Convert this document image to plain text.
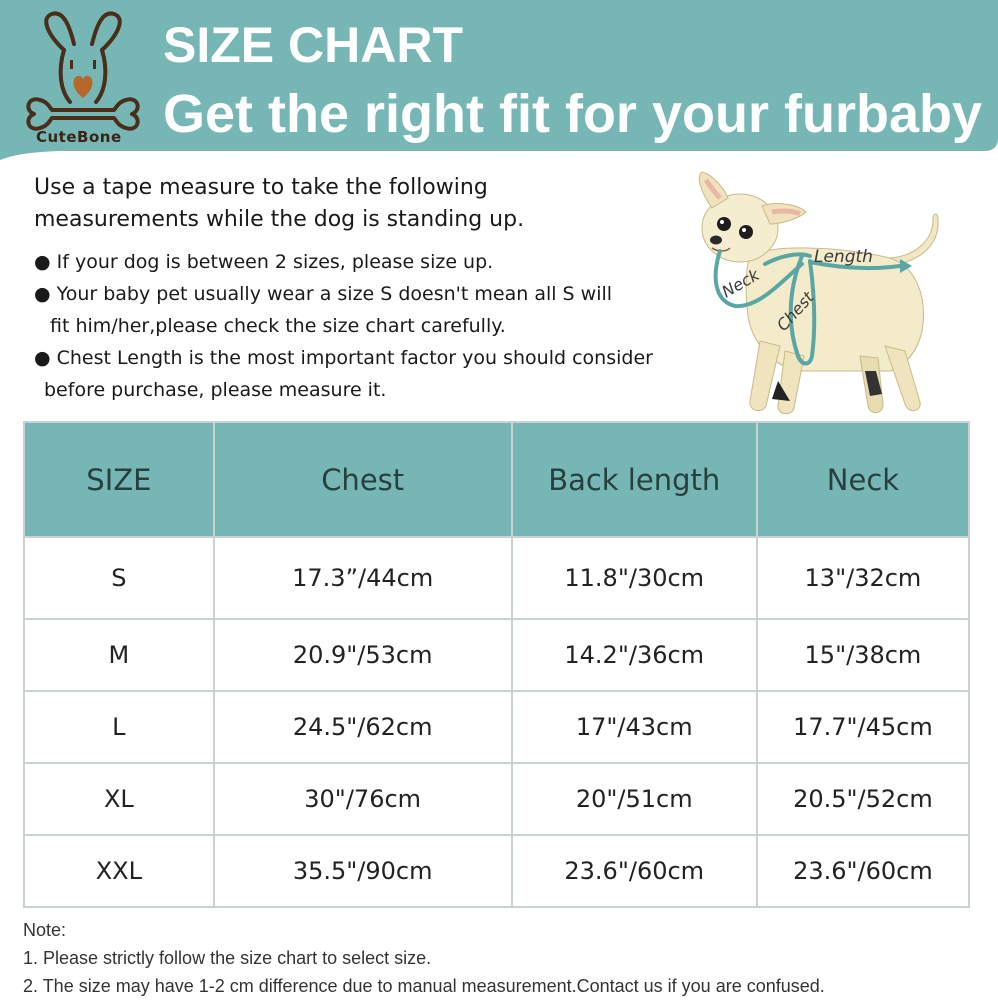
CuteBone
SIZE CHART
Get the right fit for your furbaby
Use a tape measure to take the following
measurements while the dog is standing up.
● If your dog is between 2 sizes, please size up.
● Your baby pet usually wear a size S doesn't mean all S will
fit him/her,please check the size chart carefully.
● Chest Length is the most important factor you should consider
before purchase, please measure it.
Length
Neck
Chest
SIZE	Chest	Back length	Neck
S	17.3”/44cm	11.8"/30cm	13"/32cm
M	20.9"/53cm	14.2"/36cm	15"/38cm
L	24.5"/62cm	17"/43cm	17.7"/45cm
XL	30"/76cm	20"/51cm	20.5"/52cm
XXL	35.5"/90cm	23.6"/60cm	23.6"/60cm
Note:
1. Please strictly follow the size chart to select size.
2. The size may have 1-2 cm difference due to manual measurement.Contact us if you are confused.
